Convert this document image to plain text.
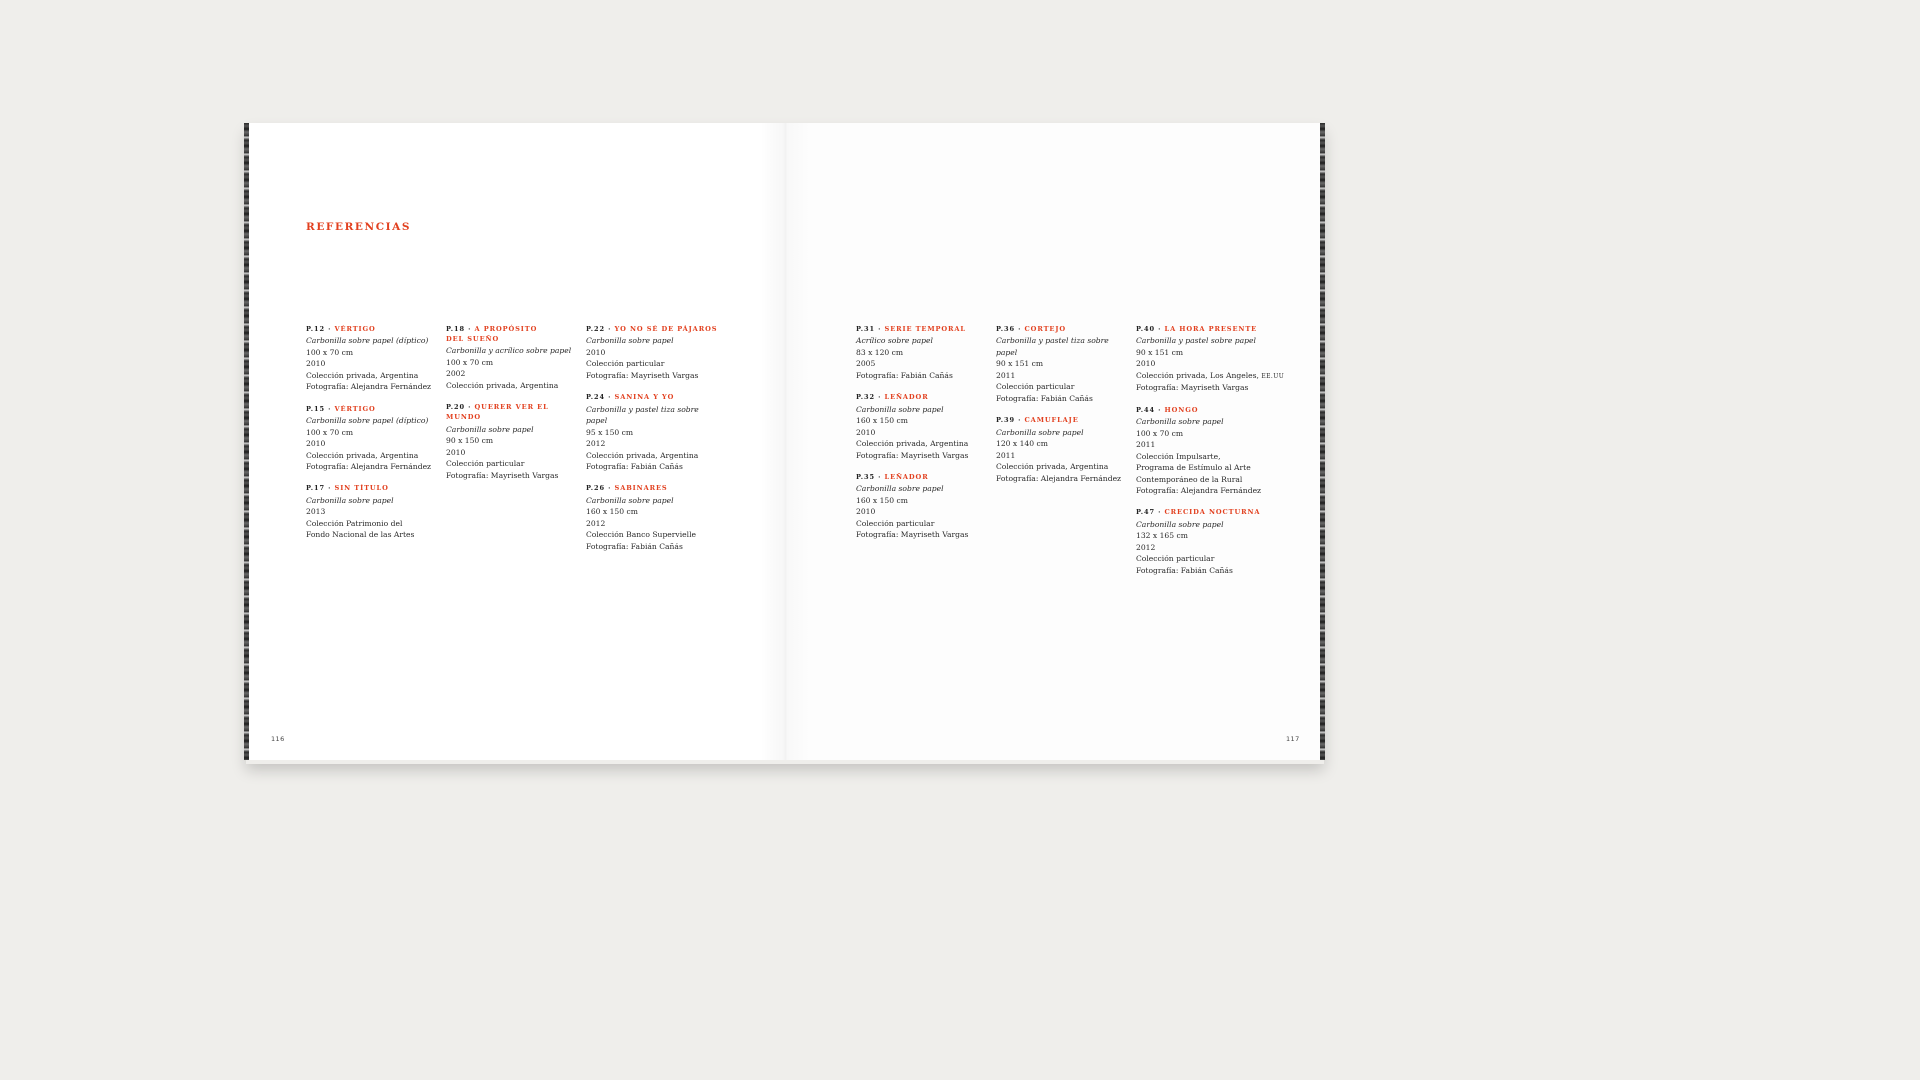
REFERENCIAS
P.12 · VÉRTIGO
Carbonilla sobre papel (díptico)
100 x 70 cm
2010
Colección privada, Argentina
Fotografía: Alejandra Fernández
P.15 · VÉRTIGO
Carbonilla sobre papel (díptico)
100 x 70 cm
2010
Colección privada, Argentina
Fotografía: Alejandra Fernández
P.17 · SIN TÍTULO
Carbonilla sobre papel
2013
Colección Patrimonio del
Fondo Nacional de las Artes
P.18 · A PROPÓSITO
DEL SUEÑO
Carbonilla y acrílico sobre papel
100 x 70 cm
2002
Colección privada, Argentina
P.20 · QUERER VER EL MUNDO
Carbonilla sobre papel
90 x 150 cm
2010
Colección particular
Fotografía: Mayriseth Vargas
P.22 · YO NO SÉ DE PÁJAROS
Carbonilla sobre papel
2010
Colección particular
Fotografía: Mayriseth Vargas
P.24 · SANINA Y YO
Carbonilla y pastel tiza sobre papel
95 x 150 cm
2012
Colección privada, Argentina
Fotografía: Fabián Cañás
P.26 · SABINARES
Carbonilla sobre papel
160 x 150 cm
2012
Colección Banco Supervielle
Fotografía: Fabián Cañás
P.31 · SERIE TEMPORAL
Acrílico sobre papel
83 x 120 cm
2005
Fotografía: Fabián Cañás
P.32 · LEÑADOR
Carbonilla sobre papel
160 x 150 cm
2010
Colección privada, Argentina
Fotografía: Mayriseth Vargas
P.35 · LEÑADOR
Carbonilla sobre papel
160 x 150 cm
2010
Colección particular
Fotografía: Mayriseth Vargas
P.36 · CORTEJO
Carbonilla y pastel tiza sobre papel
90 x 151 cm
2011
Colección particular
Fotografía: Fabián Cañás
P.39 · CAMUFLAJE
Carbonilla sobre papel
120 x 140 cm
2011
Colección privada, Argentina
Fotografía: Alejandra Fernández
P.40 · LA HORA PRESENTE
Carbonilla y pastel sobre papel
90 x 151 cm
2010
Colección privada, Los Angeles, EE.UU
Fotografía: Mayriseth Vargas
P.44 · HONGO
Carbonilla sobre papel
100 x 70 cm
2011
Colección Impulsarte,
Programa de Estímulo al Arte
Contemporáneo de la Rural
Fotografía: Alejandra Fernández
P.47 · CRECIDA NOCTURNA
Carbonilla sobre papel
132 x 165 cm
2012
Colección particular
Fotografía: Fabián Cañás
116	117
